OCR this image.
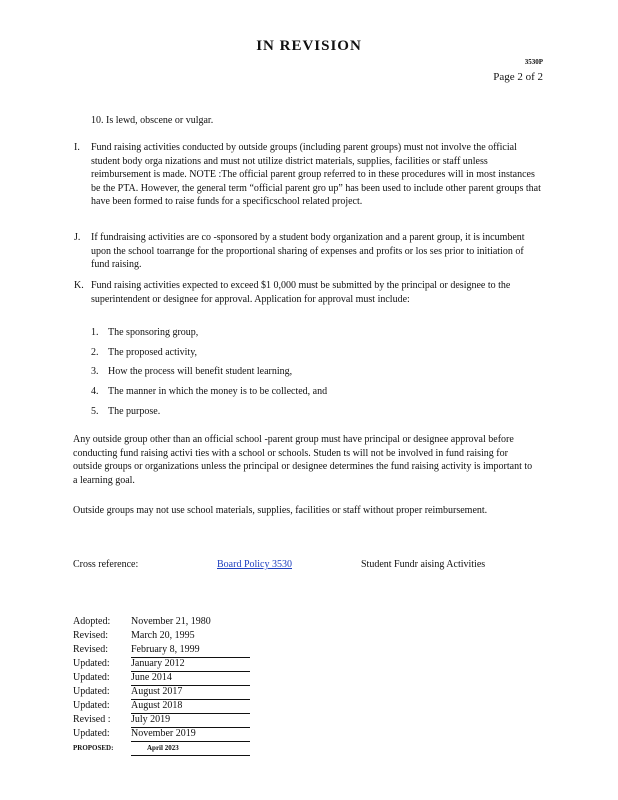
IN REVISION
3530P
Page 2 of 2
10. Is lewd, obscene or vulgar.
I. Fund raising activities conducted by outside groups (including parent groups) must not involve the official student body orga nizations and must not utilize district materials, supplies, facilities or staff unless reimbursement is made. NOTE :The official parent group referred to in these procedures will in most instances be the PTA. However, the general term “official parent gro up” has been used to include other parent groups that have been formed to raise funds for a specificschool related project.
J. If fundraising activities are co -sponsored by a student body organization and a parent group, it is incumbent upon the school toarrange for the proportional sharing of expenses and profits or los ses prior to initiation of fund raising.
K. Fund raising activities expected to exceed $1 0,000 must be submitted by the principal or designee to the superintendent or designee for approval. Application for approval must include:
1. The sponsoring group,
2. The proposed activity,
3. How the process will benefit student learning,
4. The manner in which the money is to be collected, and
5. The purpose.
Any outside group other than an official school -parent group must have principal or designee approval before conducting fund raising activi ties with a school or schools. Studen ts will not be involved in fund raising for outside groups or organizations unless the principal or designee determines the fund raising activity is important to a learning goal.
Outside groups may not use school materials, supplies, facilities or staff without proper reimbursement.
Cross reference:	Board Policy 3530	Student Fundr aising Activities
Adopted: November 21, 1980
Revised: March 20, 1995
Revised: February 8, 1999
Updated: January 2012
Updated: June 2014
Updated: August 2017
Updated: August 2018
Revised : July 2019
Updated: November 2019
PROPOSED:	April 2023
